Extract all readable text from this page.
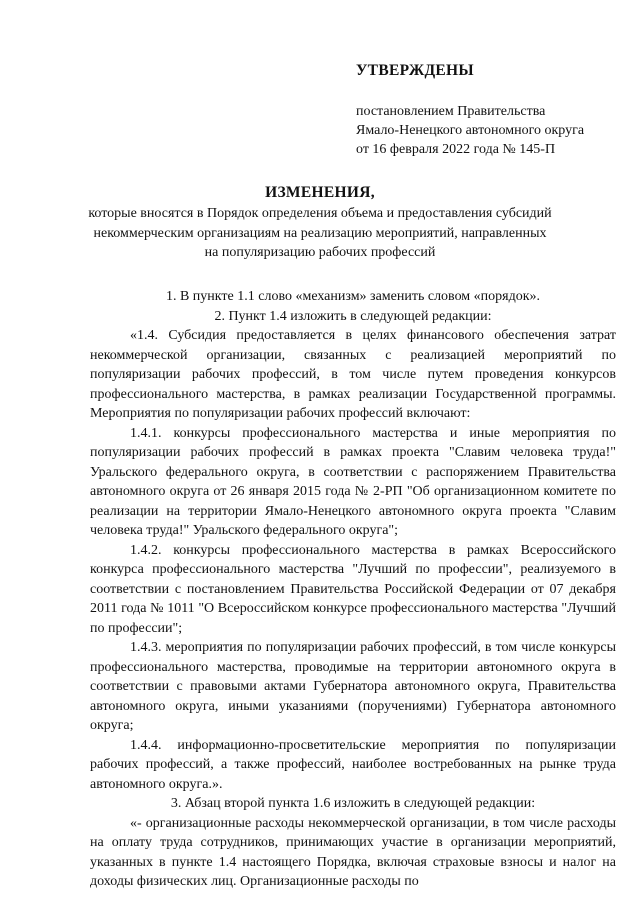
УТВЕРЖДЕНЫ
постановлением Правительства
Ямало-Ненецкого автономного округа
от 16 февраля 2022 года № 145-П
ИЗМЕНЕНИЯ,
которые вносятся в Порядок определения объема и предоставления субсидий
некоммерческим организациям на реализацию мероприятий, направленных
на популяризацию рабочих профессий

1. В пункте 1.1 слово «механизм» заменить словом «порядок».

2. Пункт 1.4 изложить в следующей редакции:

«1.4. Субсидия предоставляется в целях финансового обеспечения затрат некоммерческой организации, связанных с реализацией мероприятий по популяризации рабочих профессий, в том числе путем проведения конкурсов профессионального мастерства, в рамках реализации Государственной программы. Мероприятия по популяризации рабочих профессий включают:

1.4.1. конкурсы профессионального мастерства и иные мероприятия по популяризации рабочих профессий в рамках проекта "Славим человека труда!" Уральского федерального округа, в соответствии с распоряжением Правительства автономного округа от 26 января 2015 года № 2-РП "Об организационном комитете по реализации на территории Ямало-Ненецкого автономного округа проекта "Славим человека труда!" Уральского федерального округа";

1.4.2. конкурсы профессионального мастерства в рамках Всероссийского конкурса профессионального мастерства "Лучший по профессии", реализуемого в соответствии с постановлением Правительства Российской Федерации от 07 декабря 2011 года № 1011 "О Всероссийском конкурсе профессионального мастерства "Лучший по профессии";

1.4.3. мероприятия по популяризации рабочих профессий, в том числе конкурсы профессионального мастерства, проводимые на территории автономного округа в соответствии с правовыми актами Губернатора автономного округа, Правительства автономного округа, иными указаниями (поручениями) Губернатора автономного округа;

1.4.4. информационно-просветительские мероприятия по популяризации рабочих профессий, а также профессий, наиболее востребованных на рынке труда автономного округа.».

3. Абзац второй пункта 1.6 изложить в следующей редакции:

«- организационные расходы некоммерческой организации, в том числе расходы на оплату труда сотрудников, принимающих участие в организации мероприятий, указанных в пункте 1.4 настоящего Порядка, включая страховые взносы и налог на доходы физических лиц. Организационные расходы по
